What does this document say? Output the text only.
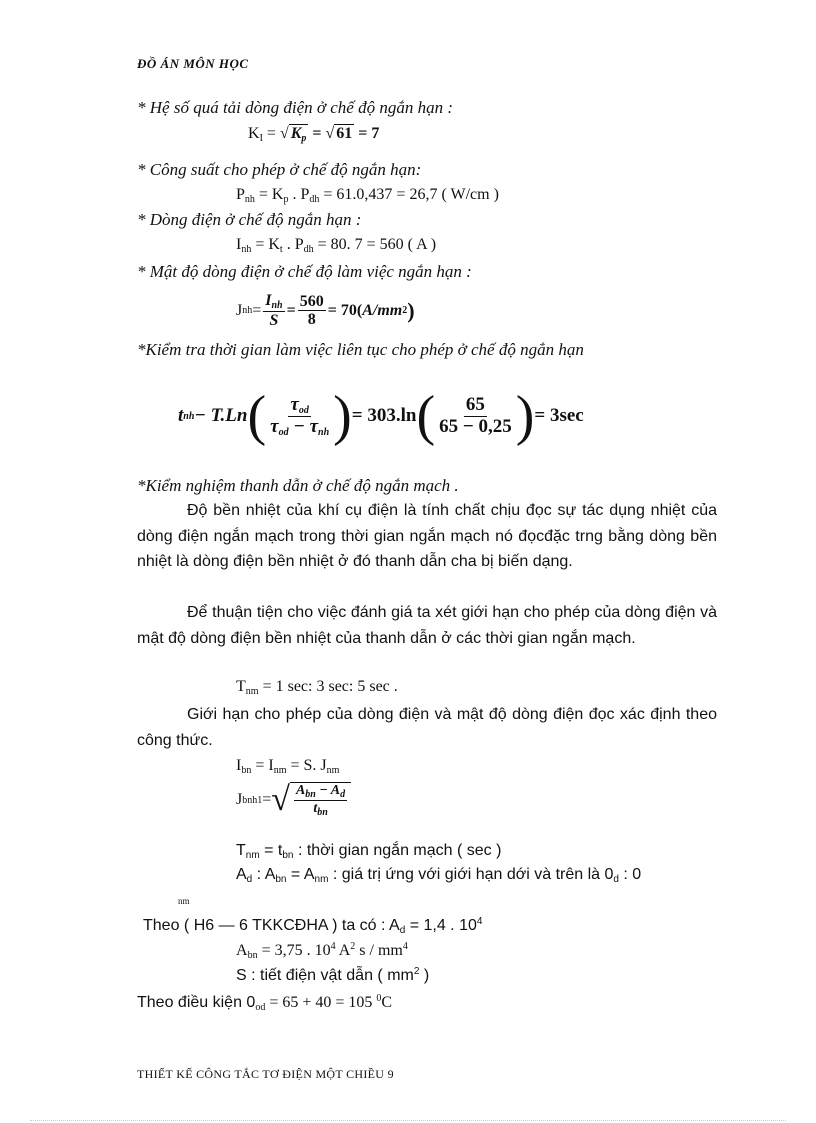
ĐỒ ÁN MÔN HỌC
* Hệ số quá tải dòng điện ở chế độ ngắn hạn :
$K_I$ = √ $K_p$ = √ 61 = 7
* Công suất cho phép ở chế độ ngắn hạn:
$P_{nh} = K_p$ . $P_{dh} = 61.0,437 = 26,7$ ( W/cm )
* Dòng điện ở chế độ ngắn hạn :
$I_{nh} = K_t$ . $P_{dh} = 80$. 7 = 560 ( A )
* Mật độ dòng điện ở chế độ làm việc ngắn hạn :
J nh = $\frac{I_{nh}}{S} = \frac{560}{8} = 70$( A/mm 2 )
*Kiểm tra thời gian làm việc liên tục cho phép ở chế độ ngắn hạn
t nh − T.Ln ( $\frac{\tau_{od}}{\tau_{od} - \tau_{nh}}$ ) = 303.ln ( $\frac{65}{65 - 0,25}$ ) = 3sec
*Kiểm nghiệm thanh dẫn ở chế độ ngắn mạch .
Độ bền nhiệt của khí cụ điện là tính chất chịu đọc sự tác dụng nhiệt của dòng điện ngắn mạch trong thời gian ngắn mạch nó đọcđặc trng bằng dòng bền nhiệt là dòng điện bền nhiệt ở đó thanh dẫn cha bị biến dạng.
Để thuận tiện cho việc đánh giá ta xét giới hạn cho phép của dòng điện và mật độ dòng điện bền nhiệt của thanh dẫn ở các thời gian ngắn mạch.
$T_{nm} = 1$ sec: 3 sec: 5 sec .
Giới hạn cho phép của dòng điện và mật độ dòng điện đọc xác định theo công thức.
$I_{bn} = I_{nm} = S$. $J_{nm}$
J bnh1 = √ $\frac{A_{bn} - A_d}{t_{bn}}$
$T_{nm} = t_{bn}$ : thời gian ngắn mạch ( sec )
$A_d$ : $A_{bn} = A_{nm}$ : giá trị ứng với giới hạn dới và trên là $0_d$ : 0
nm
Theo ( H6 — 6 TKKCĐHA ) ta có : $A_d = 1,4$ . $10^4$
$A_{bn} = 3,75$ . $10^4$ $A^2$ s / $mm^4$
S : tiết điện vật dẫn ( $mm^2$ )
Theo điều kiện $0_{od} = 65 + 40 = 105$ $^0$C
THIẾT KẾ CÔNG TẮC TƠ ĐIỆN MỘT CHIỀU 9
